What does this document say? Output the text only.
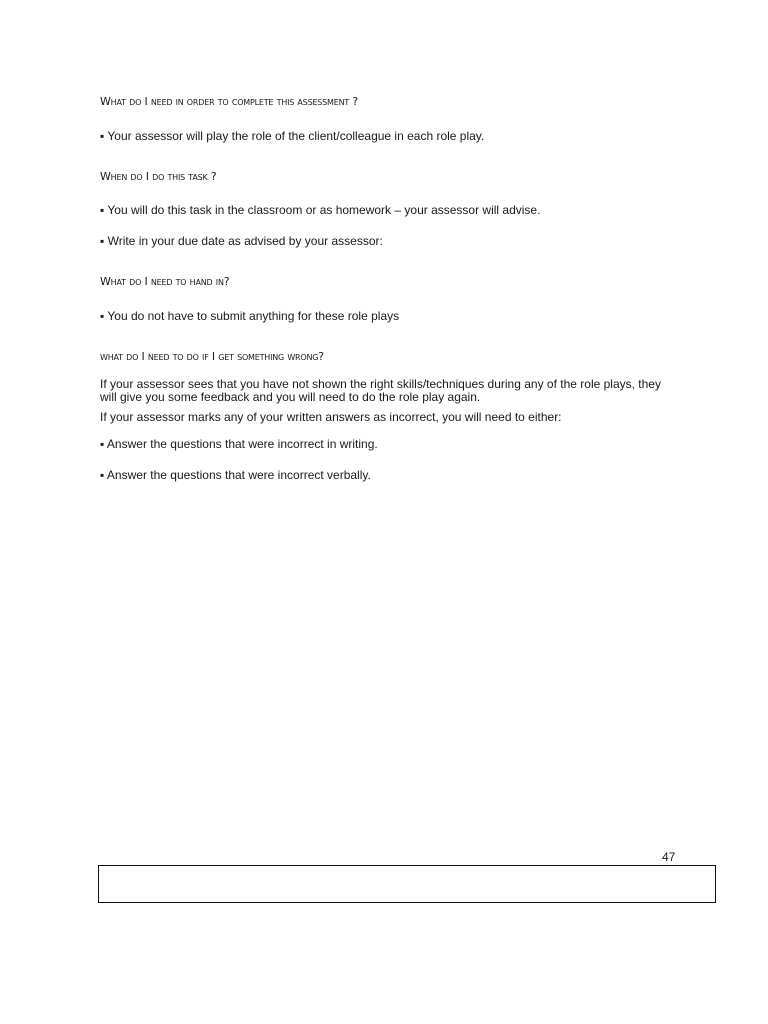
What do I need in order to complete this assessment ?

▪ Your assessor will play the role of the client/colleague in each role play.

When do I do this task ?

▪ You will do this task in the classroom or as homework – your assessor will advise.

▪ Write in your due date as advised by your assessor:

What do I need to hand in?

▪ You do not have to submit anything for these role plays

what do I need to do if I get something wrong?

If your assessor sees that you have not shown the right skills/techniques during any of the role plays, they will give you some feedback and you will need to do the role play again.

If your assessor marks any of your written answers as incorrect, you will need to either:

▪ Answer the questions that were incorrect in writing.

▪ Answer the questions that were incorrect verbally.

47
